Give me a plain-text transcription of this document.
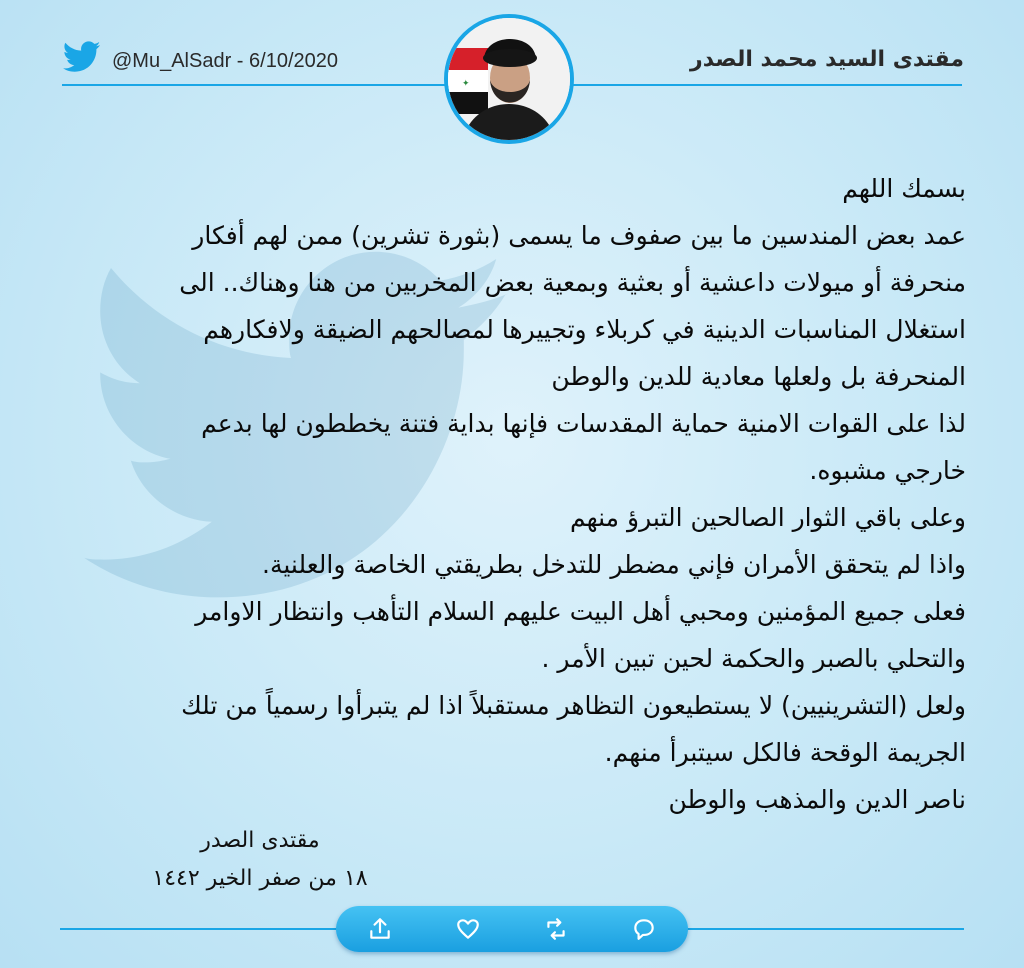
@Mu_AlSadr - 6/10/2020	مقتدى السيد محمد الصدر
✦

بسمك اللهم

عمد بعض المندسين ما بين صفوف ما يسمى (بثورة تشرين) ممن لهم أفكار

منحرفة أو ميولات داعشية أو بعثية وبمعية بعض المخربين من هنا وهناك.. الى

استغلال المناسبات الدينية في كربلاء وتجييرها لمصالحهم الضيقة ولافكارهم

المنحرفة بل ولعلها معادية للدين والوطن

لذا على القوات الامنية حماية المقدسات فإنها بداية فتنة يخططون لها بدعم

خارجي مشبوه.

وعلى باقي الثوار الصالحين التبرؤ منهم

واذا لم يتحقق الأمران فإني مضطر للتدخل بطريقتي الخاصة والعلنية.

فعلى جميع المؤمنين ومحبي أهل البيت عليهم السلام التأهب وانتظار الاوامر

والتحلي بالصبر والحكمة لحين تبين الأمر .

ولعل (التشرينيين) لا يستطيعون التظاهر مستقبلاً اذا لم يتبرأوا رسمياً من تلك

الجريمة الوقحة فالكل سيتبرأ منهم.

ناصر الدين والمذهب والوطن

مقتدى الصدر
١٨ من صفر الخير ١٤٤٢
